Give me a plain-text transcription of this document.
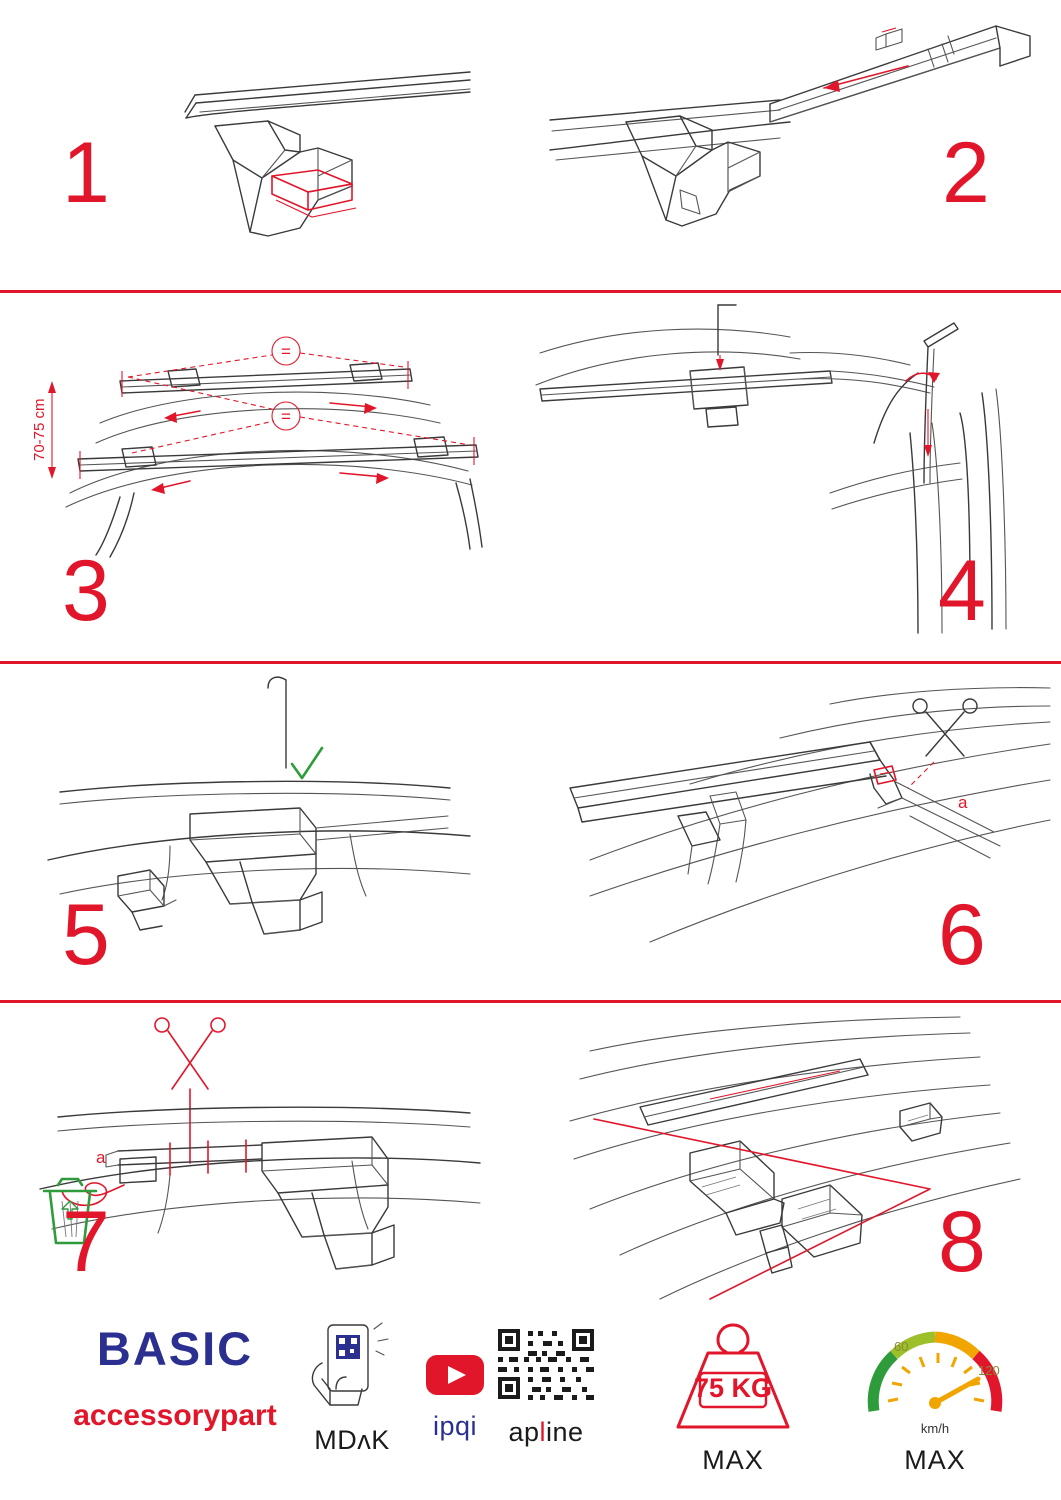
1	2
=
=
70-75 cm
3	4
5
a
6
a
7	8
BASIC
accessorypart
MDʌK	ipqi	apline
75 KG
MAX
60
120
km/h
MAX
